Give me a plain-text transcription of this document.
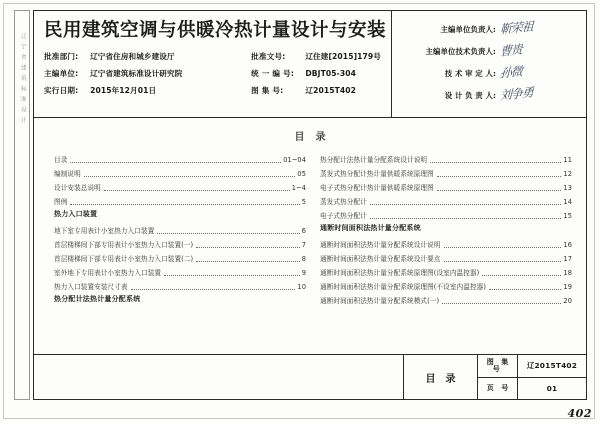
辽宁省建筑标准设计
民用建筑空调与供暖冷热计量设计与安装
批准部门:	辽宁省住房和城乡建设厅	批准文号:	辽住建[2015]179号
主编单位:	辽宁省建筑标准设计研究院	统 一 编 号:	DBJT05-304
实行日期:	2015年12月01日	图 集 号:	辽2015T402
主编单位负责人:	靳荣祖
主编单位技术负责人:	曹贵
技 术 审 定 人:	孙微
设 计 负 责 人:	刘争勇
目录
目录	01~04
编制说明	05
设计安装总说明	1~4
图例	5
热力入口装置
地下室专用表计小室热力入口装置	6
首层楼梯间下部专用表计小室热力入口装置(一)	7
首层楼梯间下部专用表计小室热力入口装置(二)	8
室外地下专用表计小室热力入口装置	9
热力入口装置安装尺寸表	10
热分配计法热计量分配系统
热分配计法热计量分配系统设计说明	11
蒸发式热分配计热计量供暖系统原理图	12
电子式热分配计热计量供暖系统原理图	13
蒸发式热分配计	14
电子式热分配计	15
通断时间面积法热计量分配系统
通断时间面积法热计量分配系统设计说明	16
通断时间面积法热计量分配系统设计要点	17
通断时间面积法热计量分配系统原理图(设室内温控器)	18
通断时间面积法热计量分配系统原理图(不设室内温控器)	19
通断时间面积法热计量分配系统模式(一)	20
目录
图 集 号	辽2015T402
页 号	01
402
